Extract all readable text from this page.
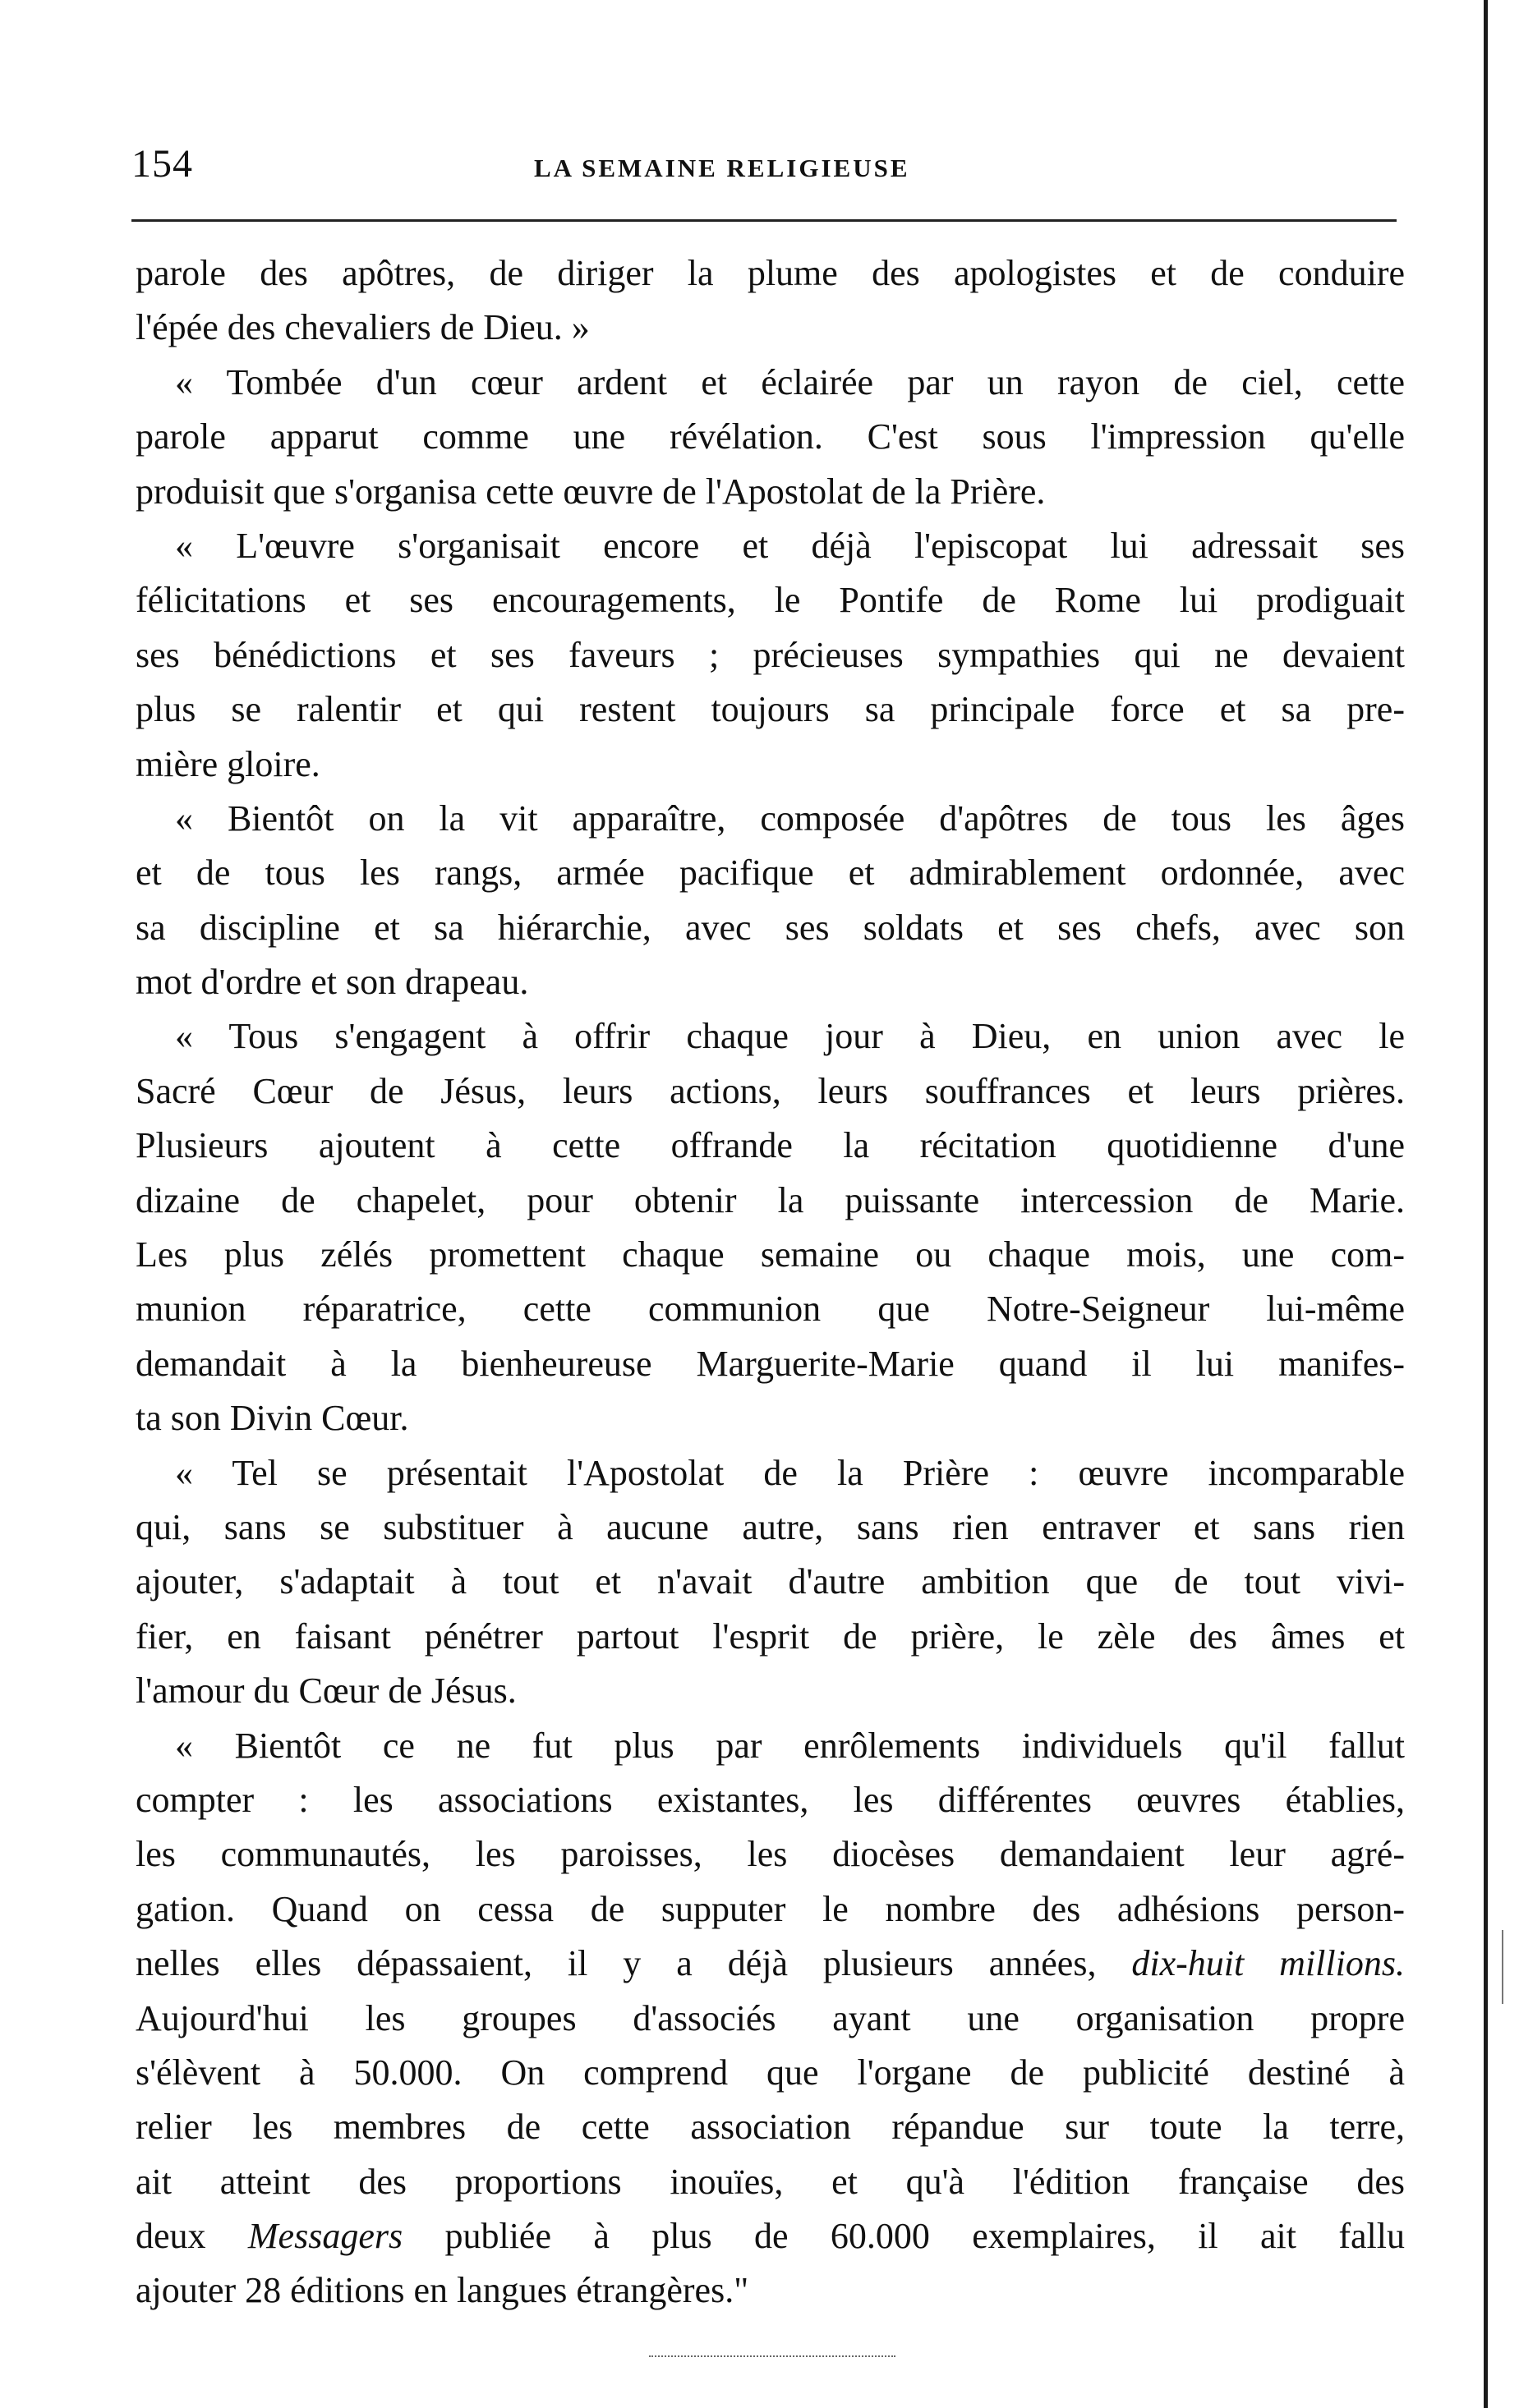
154	LA SEMAINE RELIGIEUSE
parole des apôtres, de diriger la plume des apologistes et de conduire
l'épée des chevaliers de Dieu. »
« Tombée d'un cœur ardent et éclairée par un rayon de ciel, cette
parole apparut comme une révélation. C'est sous l'impression qu'elle
produisit que s'organisa cette œuvre de l'Apostolat de la Prière.
« L'œuvre s'organisait encore et déjà l'episcopat lui adressait ses
félicitations et ses encouragements, le Pontife de Rome lui prodiguait
ses bénédictions et ses faveurs ; précieuses sympathies qui ne devaient
plus se ralentir et qui restent toujours sa principale force et sa pre-
mière gloire.
« Bientôt on la vit apparaître, composée d'apôtres de tous les âges
et de tous les rangs, armée pacifique et admirablement ordonnée, avec
sa discipline et sa hiérarchie, avec ses soldats et ses chefs, avec son
mot d'ordre et son drapeau.
« Tous s'engagent à offrir chaque jour à Dieu, en union avec le
Sacré Cœur de Jésus, leurs actions, leurs souffrances et leurs prières.
Plusieurs ajoutent à cette offrande la récitation quotidienne d'une
dizaine de chapelet, pour obtenir la puissante intercession de Marie.
Les plus zélés promettent chaque semaine ou chaque mois, une com-
munion réparatrice, cette communion que Notre-Seigneur lui-même
demandait à la bienheureuse Marguerite-Marie quand il lui manifes-
ta son Divin Cœur.
« Tel se présentait l'Apostolat de la Prière : œuvre incomparable
qui, sans se substituer à aucune autre, sans rien entraver et sans rien
ajouter, s'adaptait à tout et n'avait d'autre ambition que de tout vivi-
fier, en faisant pénétrer partout l'esprit de prière, le zèle des âmes et
l'amour du Cœur de Jésus.
« Bientôt ce ne fut plus par enrôlements individuels qu'il fallut
compter : les associations existantes, les différentes œuvres établies,
les communautés, les paroisses, les diocèses demandaient leur agré-
gation. Quand on cessa de supputer le nombre des adhésions person-
nelles elles dépassaient, il y a déjà plusieurs années, dix-huit millions.
Aujourd'hui les groupes d'associés ayant une organisation propre
s'élèvent à 50.000. On comprend que l'organe de publicité destiné à
relier les membres de cette association répandue sur toute la terre,
ait atteint des proportions inouïes, et qu'à l'édition française des
deux Messagers publiée à plus de 60.000 exemplaires, il ait fallu
ajouter 28 éditions en langues étrangères."
